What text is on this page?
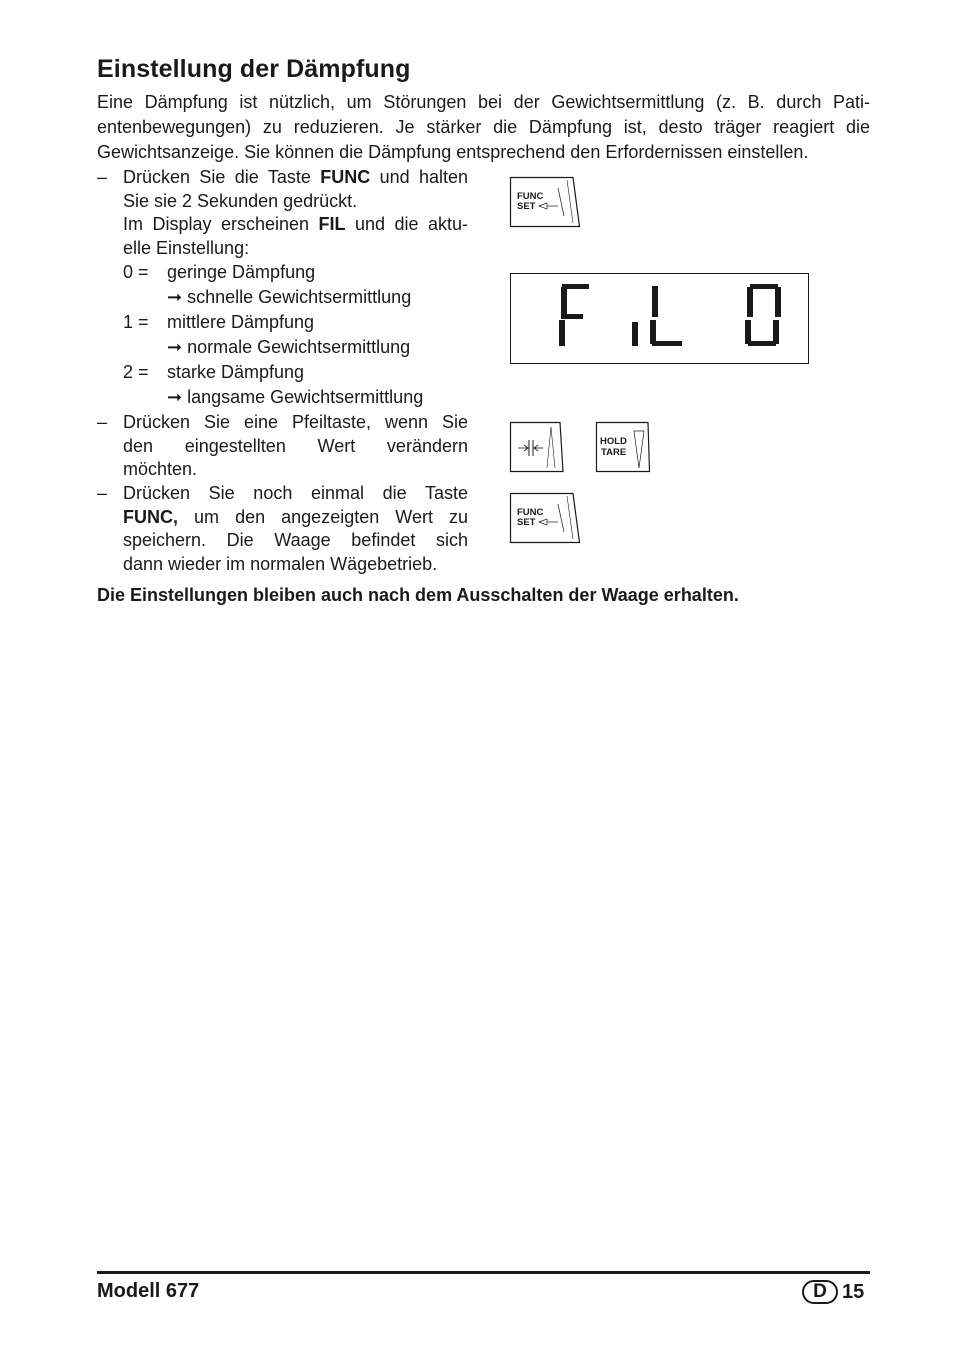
Einstellung der Dämpfung
Eine Dämpfung ist nützlich, um Störungen bei der Gewichtsermittlung (z. B. durch Pati-
entenbewegungen) zu reduzieren. Je stärker die Dämpfung ist, desto träger reagiert die
Gewichtsanzeige. Sie können die Dämpfung entsprechend den Erfordernissen einstellen.
– Drücken Sie die Taste FUNC und halten
Sie sie 2 Sekunden gedrückt.
Im Display erscheinen FIL und die aktu-
elle Einstellung:
0 = geringe Dämpfung
➞ schnelle Gewichtsermittlung
1 = mittlere Dämpfung
➞ normale Gewichtsermittlung
2 = starke Dämpfung
➞ langsame Gewichtsermittlung
– Drücken Sie eine Pfeiltaste, wenn Sie
den eingestellten Wert verändern
möchten.
– Drücken Sie noch einmal die Taste
FUNC, um den angezeigten Wert zu
speichern. Die Waage befindet sich
dann wieder im normalen Wägebetrieb.
FUNC
SET
HOLD
TARE
FUNC
SET
Die Einstellungen bleiben auch nach dem Ausschalten der Waage erhalten.
Modell 677	D 15
